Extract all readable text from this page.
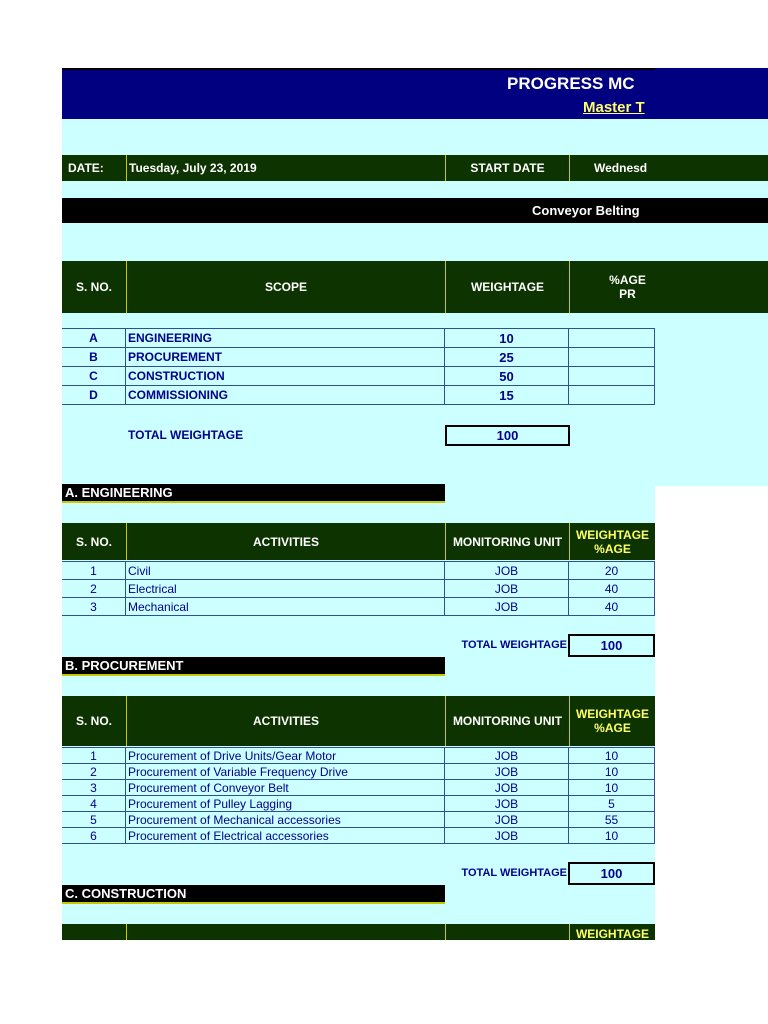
PROGRESS MC
Master T
DATE:	Tuesday, July 23, 2019	START DATE	Wednesd
Conveyor Belting
S. NO.	SCOPE	WEIGHTAGE	%AGE PR
A	ENGINEERING	10
B	PROCUREMENT	25
C	CONSTRUCTION	50
D	COMMISSIONING	15
TOTAL WEIGHTAGE	100
A. ENGINEERING
S. NO.	ACTIVITIES	MONITORING UNIT	WEIGHTAGE
%AGE
1	Civil	JOB	20
2	Electrical	JOB	40
3	Mechanical	JOB	40
TOTAL WEIGHTAGE	100
B. PROCUREMENT
S. NO.	ACTIVITIES	MONITORING UNIT	WEIGHTAGE
%AGE
1	Procurement of Drive Units/Gear Motor	JOB	10
2	Procurement of Variable Frequency Drive	JOB	10
3	Procurement of Conveyor Belt	JOB	10
4	Procurement of Pulley Lagging	JOB	5
5	Procurement of Mechanical accessories	JOB	55
6	Procurement of Electrical accessories	JOB	10
TOTAL WEIGHTAGE	100
C. CONSTRUCTION
WEIGHTAGE
